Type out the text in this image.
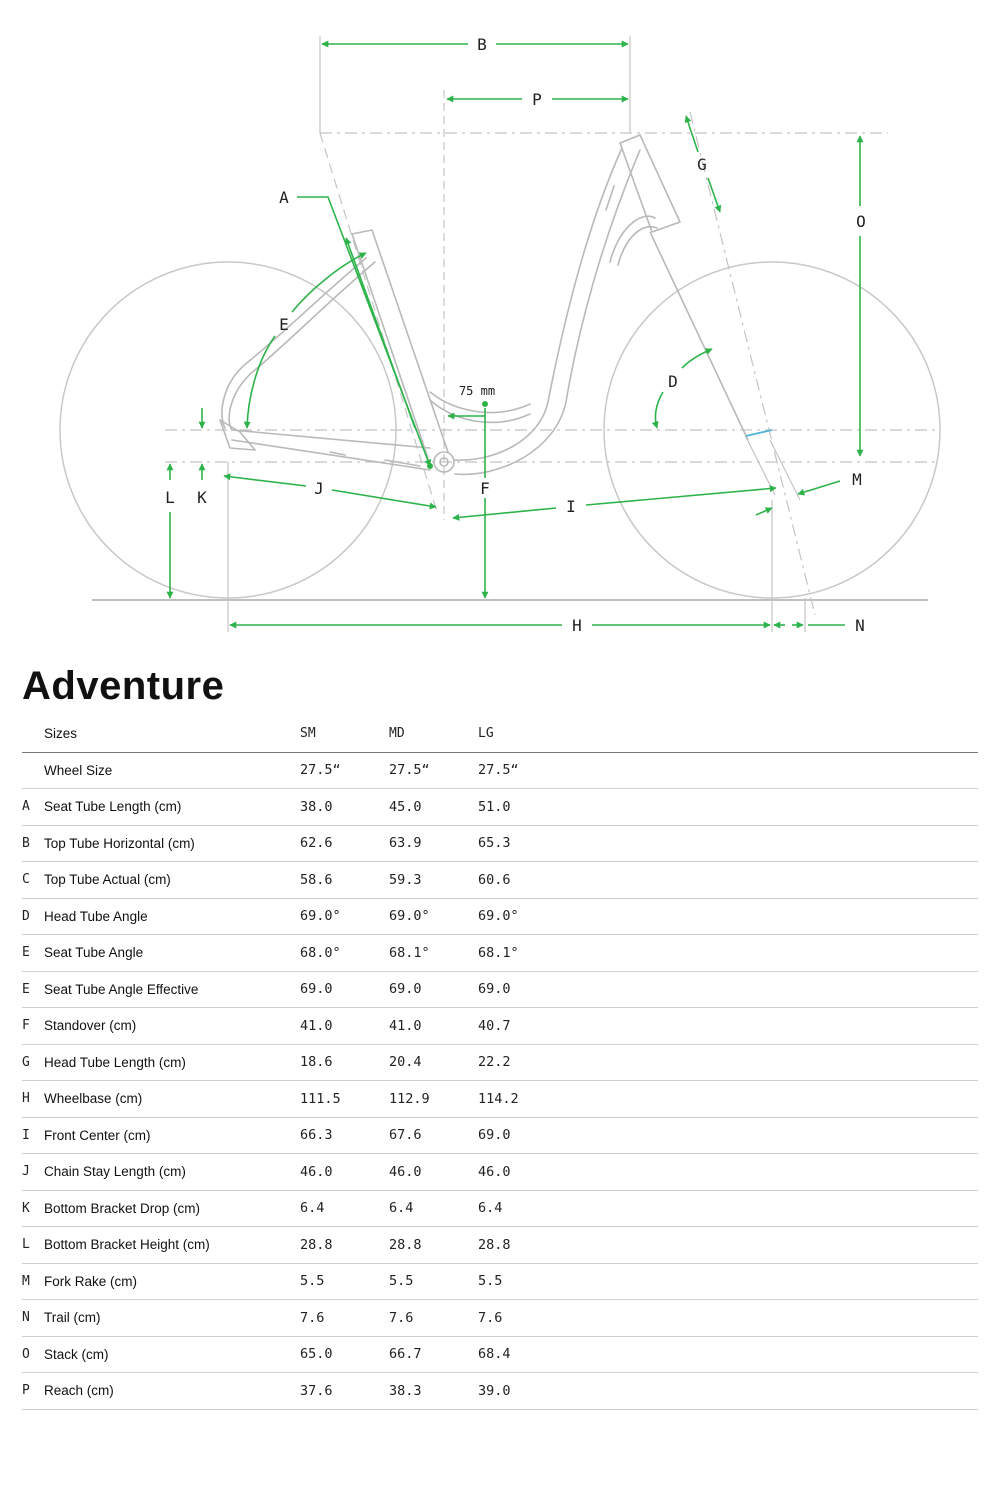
B
P
G
O
A
E
D
75 mm
F
K
L	J
I
M
H	N
Adventure
	Sizes	SM	MD	LG	
	Wheel Size	27.5“	27.5“	27.5“	
A	Seat Tube Length (cm)	38.0	45.0	51.0	
B	Top Tube Horizontal (cm)	62.6	63.9	65.3	
C	Top Tube Actual (cm)	58.6	59.3	60.6	
D	Head Tube Angle	69.0°	69.0°	69.0°	
E	Seat Tube Angle	68.0°	68.1°	68.1°	
E	Seat Tube Angle Effective	69.0	69.0	69.0	
F	Standover (cm)	41.0	41.0	40.7	
G	Head Tube Length (cm)	18.6	20.4	22.2	
H	Wheelbase (cm)	111.5	112.9	114.2	
I	Front Center (cm)	66.3	67.6	69.0	
J	Chain Stay Length (cm)	46.0	46.0	46.0	
K	Bottom Bracket Drop (cm)	6.4	6.4	6.4	
L	Bottom Bracket Height (cm)	28.8	28.8	28.8	
M	Fork Rake (cm)	5.5	5.5	5.5	
N	Trail (cm)	7.6	7.6	7.6	
O	Stack (cm)	65.0	66.7	68.4	
P	Reach (cm)	37.6	38.3	39.0	
